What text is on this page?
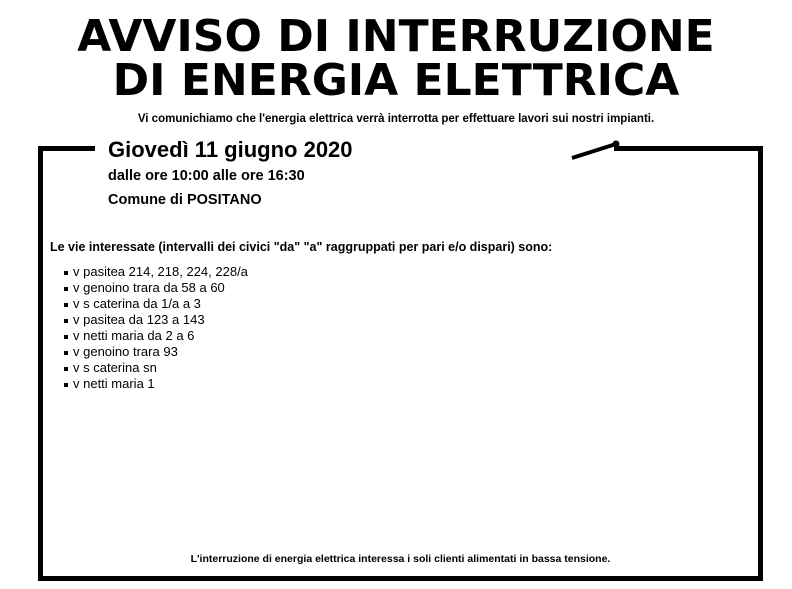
AVVISO DI INTERRUZIONE
DI ENERGIA ELETTRICA
Vi comunichiamo che l'energia elettrica verrà interrotta per effettuare lavori sui nostri impianti.
Giovedì 11 giugno 2020
dalle ore 10:00 alle ore 16:30
Comune di POSITANO
Le vie interessate (intervalli dei civici "da" "a" raggruppati per pari e/o dispari) sono:
v pasitea 214, 218, 224, 228/a
v genoino trara da 58 a 60
v s caterina da 1/a a 3
v pasitea da 123 a 143
v netti maria da 2 a 6
v genoino trara 93
v s caterina sn
v netti maria 1
L'interruzione di energia elettrica interessa i soli clienti alimentati in bassa tensione.
